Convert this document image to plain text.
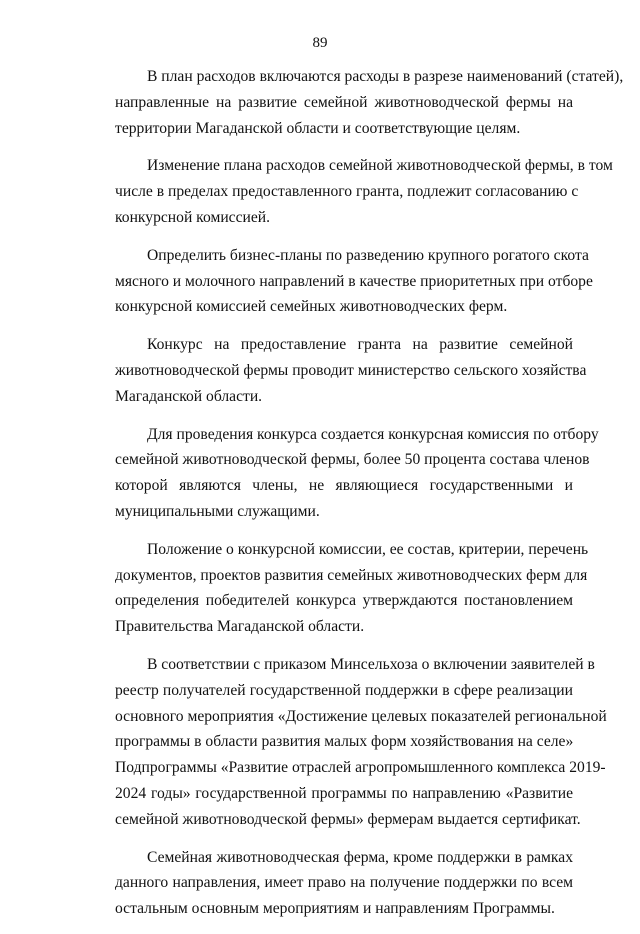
89

В план расходов включаются расходы в разрезе наименований (статей),
направленные на развитие семейной животноводческой фермы на
территории Магаданской области и соответствующие целям.

Изменение плана расходов семейной животноводческой фермы, в том
числе в пределах предоставленного гранта, подлежит согласованию с
конкурсной комиссией.

Определить бизнес-планы по разведению крупного рогатого скота
мясного и молочного направлений в качестве приоритетных при отборе
конкурсной комиссией семейных животноводческих ферм.

Конкурс на предоставление гранта на развитие семейной
животноводческой фермы проводит министерство сельского хозяйства
Магаданской области.

Для проведения конкурса создается конкурсная комиссия по отбору
семейной животноводческой фермы, более 50 процента состава членов
которой являются члены, не являющиеся государственными и
муниципальными служащими.

Положение о конкурсной комиссии, ее состав, критерии, перечень
документов, проектов развития семейных животноводческих ферм для
определения победителей конкурса утверждаются постановлением
Правительства Магаданской области.

В соответствии с приказом Минсельхоза о включении заявителей в
реестр получателей государственной поддержки в сфере реализации
основного мероприятия «Достижение целевых показателей региональной
программы в области развития малых форм хозяйствования на селе»
Подпрограммы «Развитие отраслей агропромышленного комплекса 2019-
2024 годы» государственной программы по направлению «Развитие
семейной животноводческой фермы» фермерам выдается сертификат.

Семейная животноводческая ферма, кроме поддержки в рамках
данного направления, имеет право на получение поддержки по всем
остальным основным мероприятиям и направлениям Программы.
